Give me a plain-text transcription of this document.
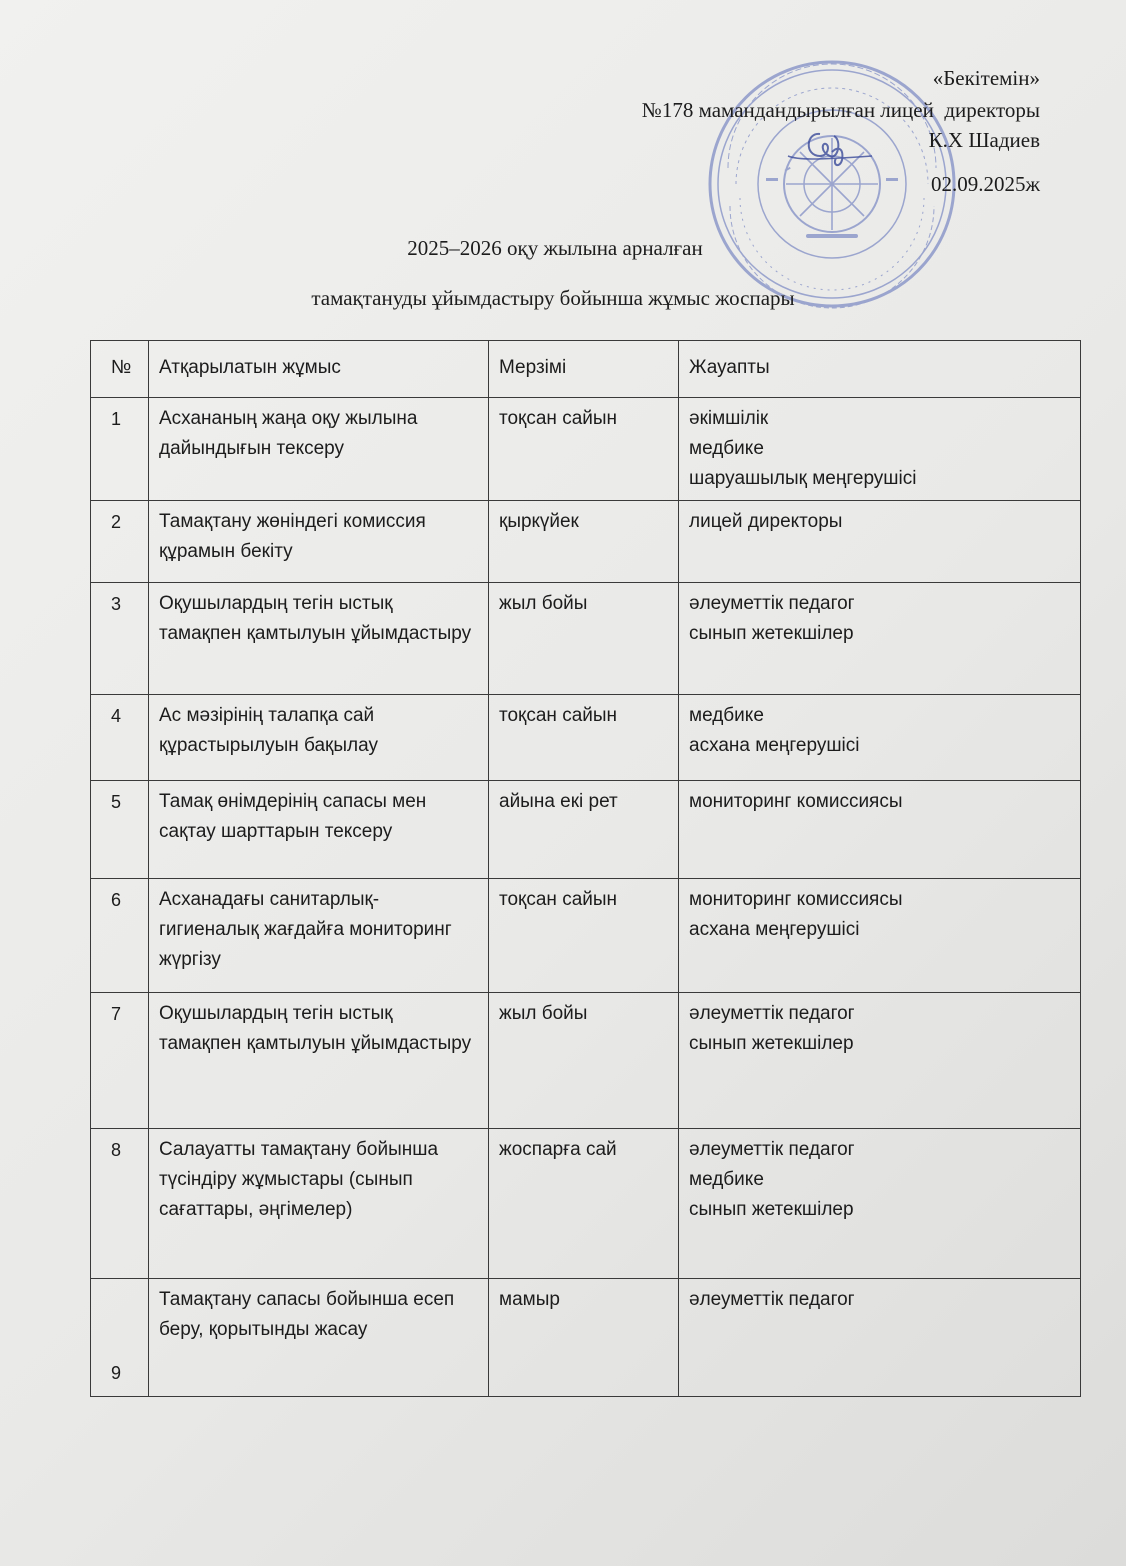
«Бекітемін»
№178 мамандандырылған лицей  директоры
К.Х Шадиев
02.09.2025ж
2025–2026 оқу жылына арналған
тамақтануды ұйымдастыру бойынша жұмыс жоспары
№	Атқарылатын жұмыс	Мерзімі	Жауапты
1	Асхананың жаңа оқу жылына дайындығын тексеру	тоқсан сайын	әкімшілік
медбике
шаруашылық меңгерушісі

2	Тамақтану жөніндегі комиссия құрамын бекіту	қыркүйек	лицей директоры

3	Оқушылардың тегін ыстық тамақпен қамтылуын ұйымдастыру	жыл бойы	әлеуметтік педагог
сынып жетекшілер

4	Ас мәзірінің талапқа сай құрастырылуын бақылау	тоқсан сайын	медбике
асхана меңгерушісі

5	Тамақ өнімдерінің сапасы мен сақтау шарттарын тексеру	айына екі рет	мониторинг комиссиясы

6	Асханадағы санитарлық-гигиеналық жағдайға мониторинг жүргізу	тоқсан сайын	мониторинг комиссиясы
асхана меңгерушісі

7	Оқушылардың тегін ыстық тамақпен қамтылуын ұйымдастыру	жыл бойы	әлеуметтік педагог
сынып жетекшілер

8	Салауатты тамақтану бойынша түсіндіру жұмыстары (сынып сағаттары, әңгімелер)	жоспарға сай	әлеуметтік педагог
медбике
сынып жетекшілер

9	Тамақтану сапасы бойынша есеп беру, қорытынды жасау	мамыр	әлеуметтік педагог
